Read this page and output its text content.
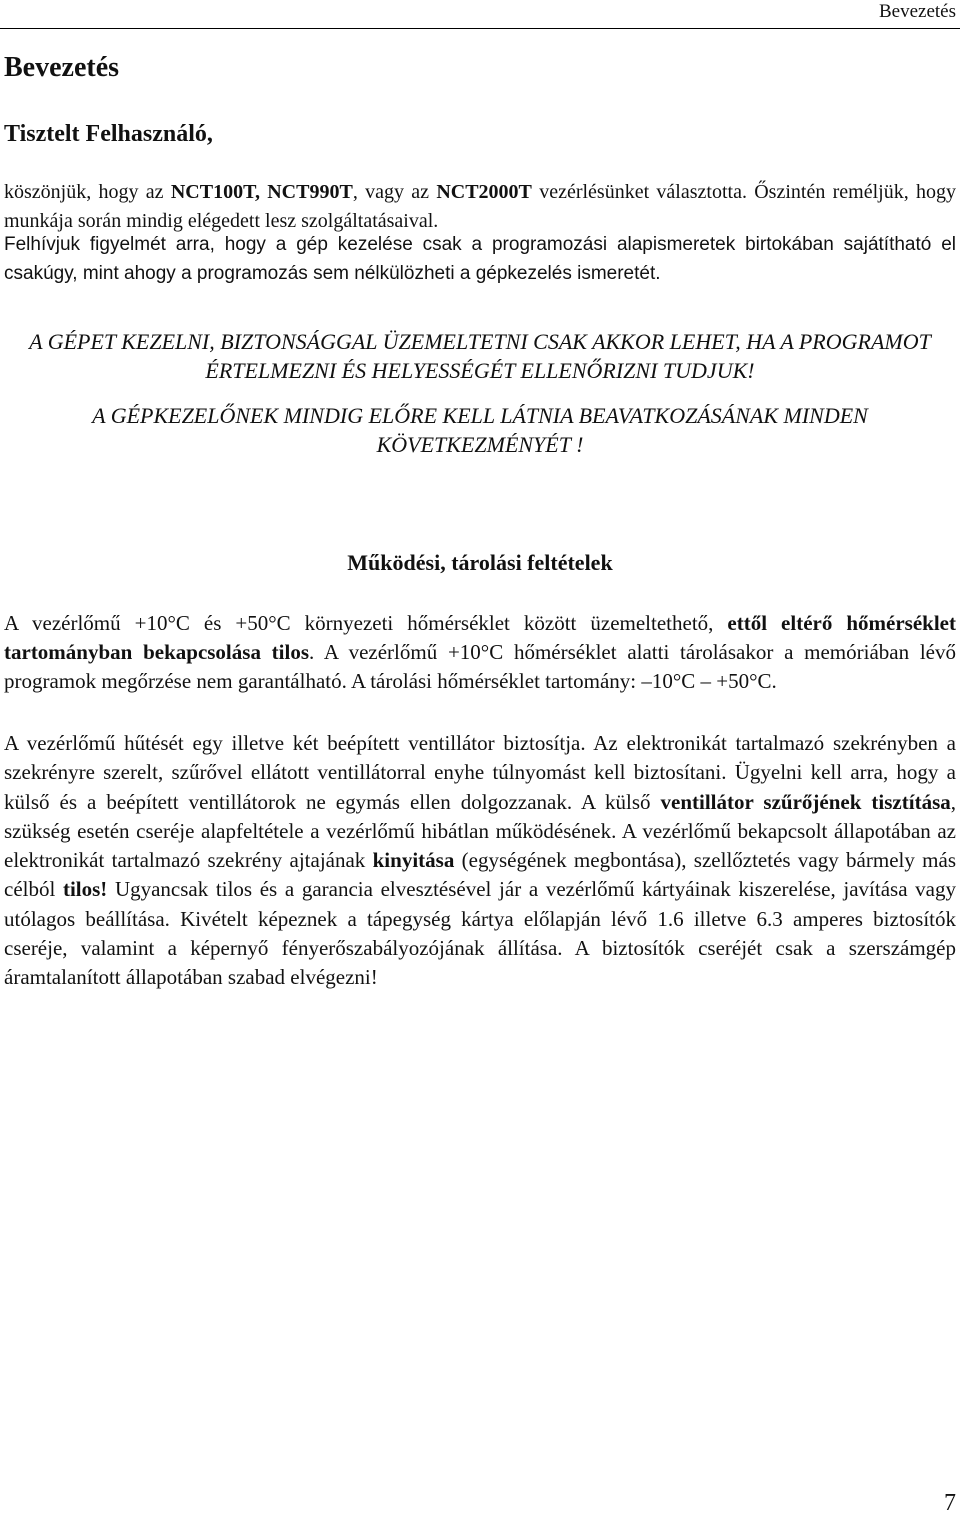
Bevezetés
Bevezetés
Tisztelt Felhasználó,
köszönjük, hogy az NCT100T, NCT990T, vagy az NCT2000T vezérlésünket választotta. Őszintén reméljük, hogy munkája során mindig elégedett lesz szolgáltatásaival.
Felhívjuk figyelmét arra, hogy a gép kezelése csak a programozási alapismeretek birtokában sajátítható el csakúgy, mint ahogy a programozás sem nélkülözheti a gépkezelés ismeretét.
A GÉPET KEZELNI, BIZTONSÁGGAL ÜZEMELTETNI CSAK AKKOR LEHET, HA A PROGRAMOT ÉRTELMEZNI ÉS HELYESSÉGÉT ELLENŐRIZNI TUDJUK!
A GÉPKEZELŐNEK MINDIG ELŐRE KELL LÁTNIA BEAVATKOZÁSÁNAK MINDEN KÖVETKEZMÉNYÉT !
Működési, tárolási feltételek
A vezérlőmű +10°C és +50°C környezeti hőmérséklet között üzemeltethető, ettől eltérő hőmérséklet tartományban bekapcsolása tilos. A vezérlőmű +10°C hőmérséklet alatti tárolásakor a memóriában lévő programok megőrzése nem garantálható. A tárolási hőmérséklet tartomány: –10°C – +50°C.
A vezérlőmű hűtését egy illetve két beépített ventillátor biztosítja. Az elektronikát tartalmazó szekrényben a szekrényre szerelt, szűrővel ellátott ventillátorral enyhe túlnyomást kell biztosítani. Ügyelni kell arra, hogy a külső és a beépített ventillátorok ne egymás ellen dolgozzanak. A külső ventillátor szűrőjének tisztítása, szükség esetén cseréje alapfeltétele a vezérlőmű hibátlan működésének. A vezérlőmű bekapcsolt állapotában az elektronikát tartalmazó szekrény ajtajának kinyitása (egységének megbontása), szellőztetés vagy bármely más célból tilos! Ugyancsak tilos és a garancia elvesztésével jár a vezérlőmű kártyáinak kiszerelése, javítása vagy utólagos beállítása. Kivételt képeznek a tápegység kártya előlapján lévő 1.6 illetve 6.3 amperes biztosítók cseréje, valamint a képernyő fényerőszabályozójának állítása. A biztosítók cseréjét csak a szerszámgép áramtalanított állapotában szabad elvégezni!
7
